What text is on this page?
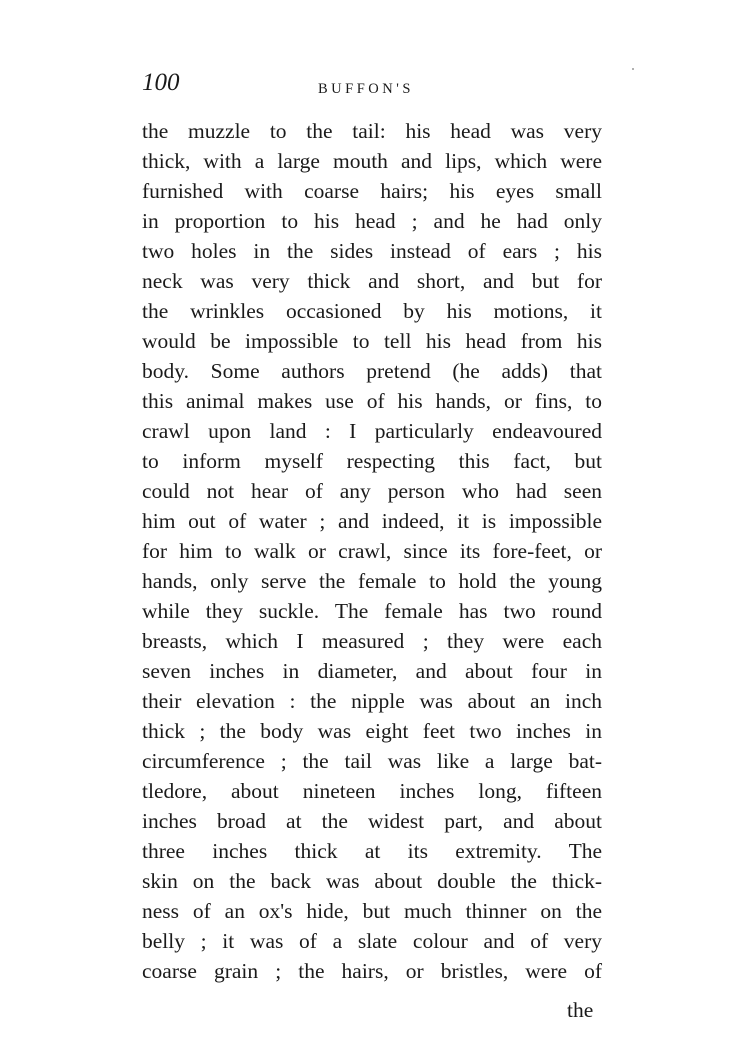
100	BUFFON'S
the muzzle to the tail: his head was very
thick, with a large mouth and lips, which were
furnished with coarse hairs; his eyes small
in proportion to his head ; and he had only
two holes in the sides instead of ears ; his
neck was very thick and short, and but for
the wrinkles occasioned by his motions, it
would be impossible to tell his head from his
body. Some authors pretend (he adds) that
this animal makes use of his hands, or fins, to
crawl upon land : I particularly endeavoured
to inform myself respecting this fact, but
could not hear of any person who had seen
him out of water ; and indeed, it is impossible
for him to walk or crawl, since its fore-feet, or
hands, only serve the female to hold the young
while they suckle. The female has two round
breasts, which I measured ; they were each
seven inches in diameter, and about four in
their elevation : the nipple was about an inch
thick ; the body was eight feet two inches in
circumference ; the tail was like a large bat-
tledore, about nineteen inches long, fifteen
inches broad at the widest part, and about
three inches thick at its extremity. The
skin on the back was about double the thick-
ness of an ox's hide, but much thinner on the
belly ; it was of a slate colour and of very
coarse grain ; the hairs, or bristles, were of
the
